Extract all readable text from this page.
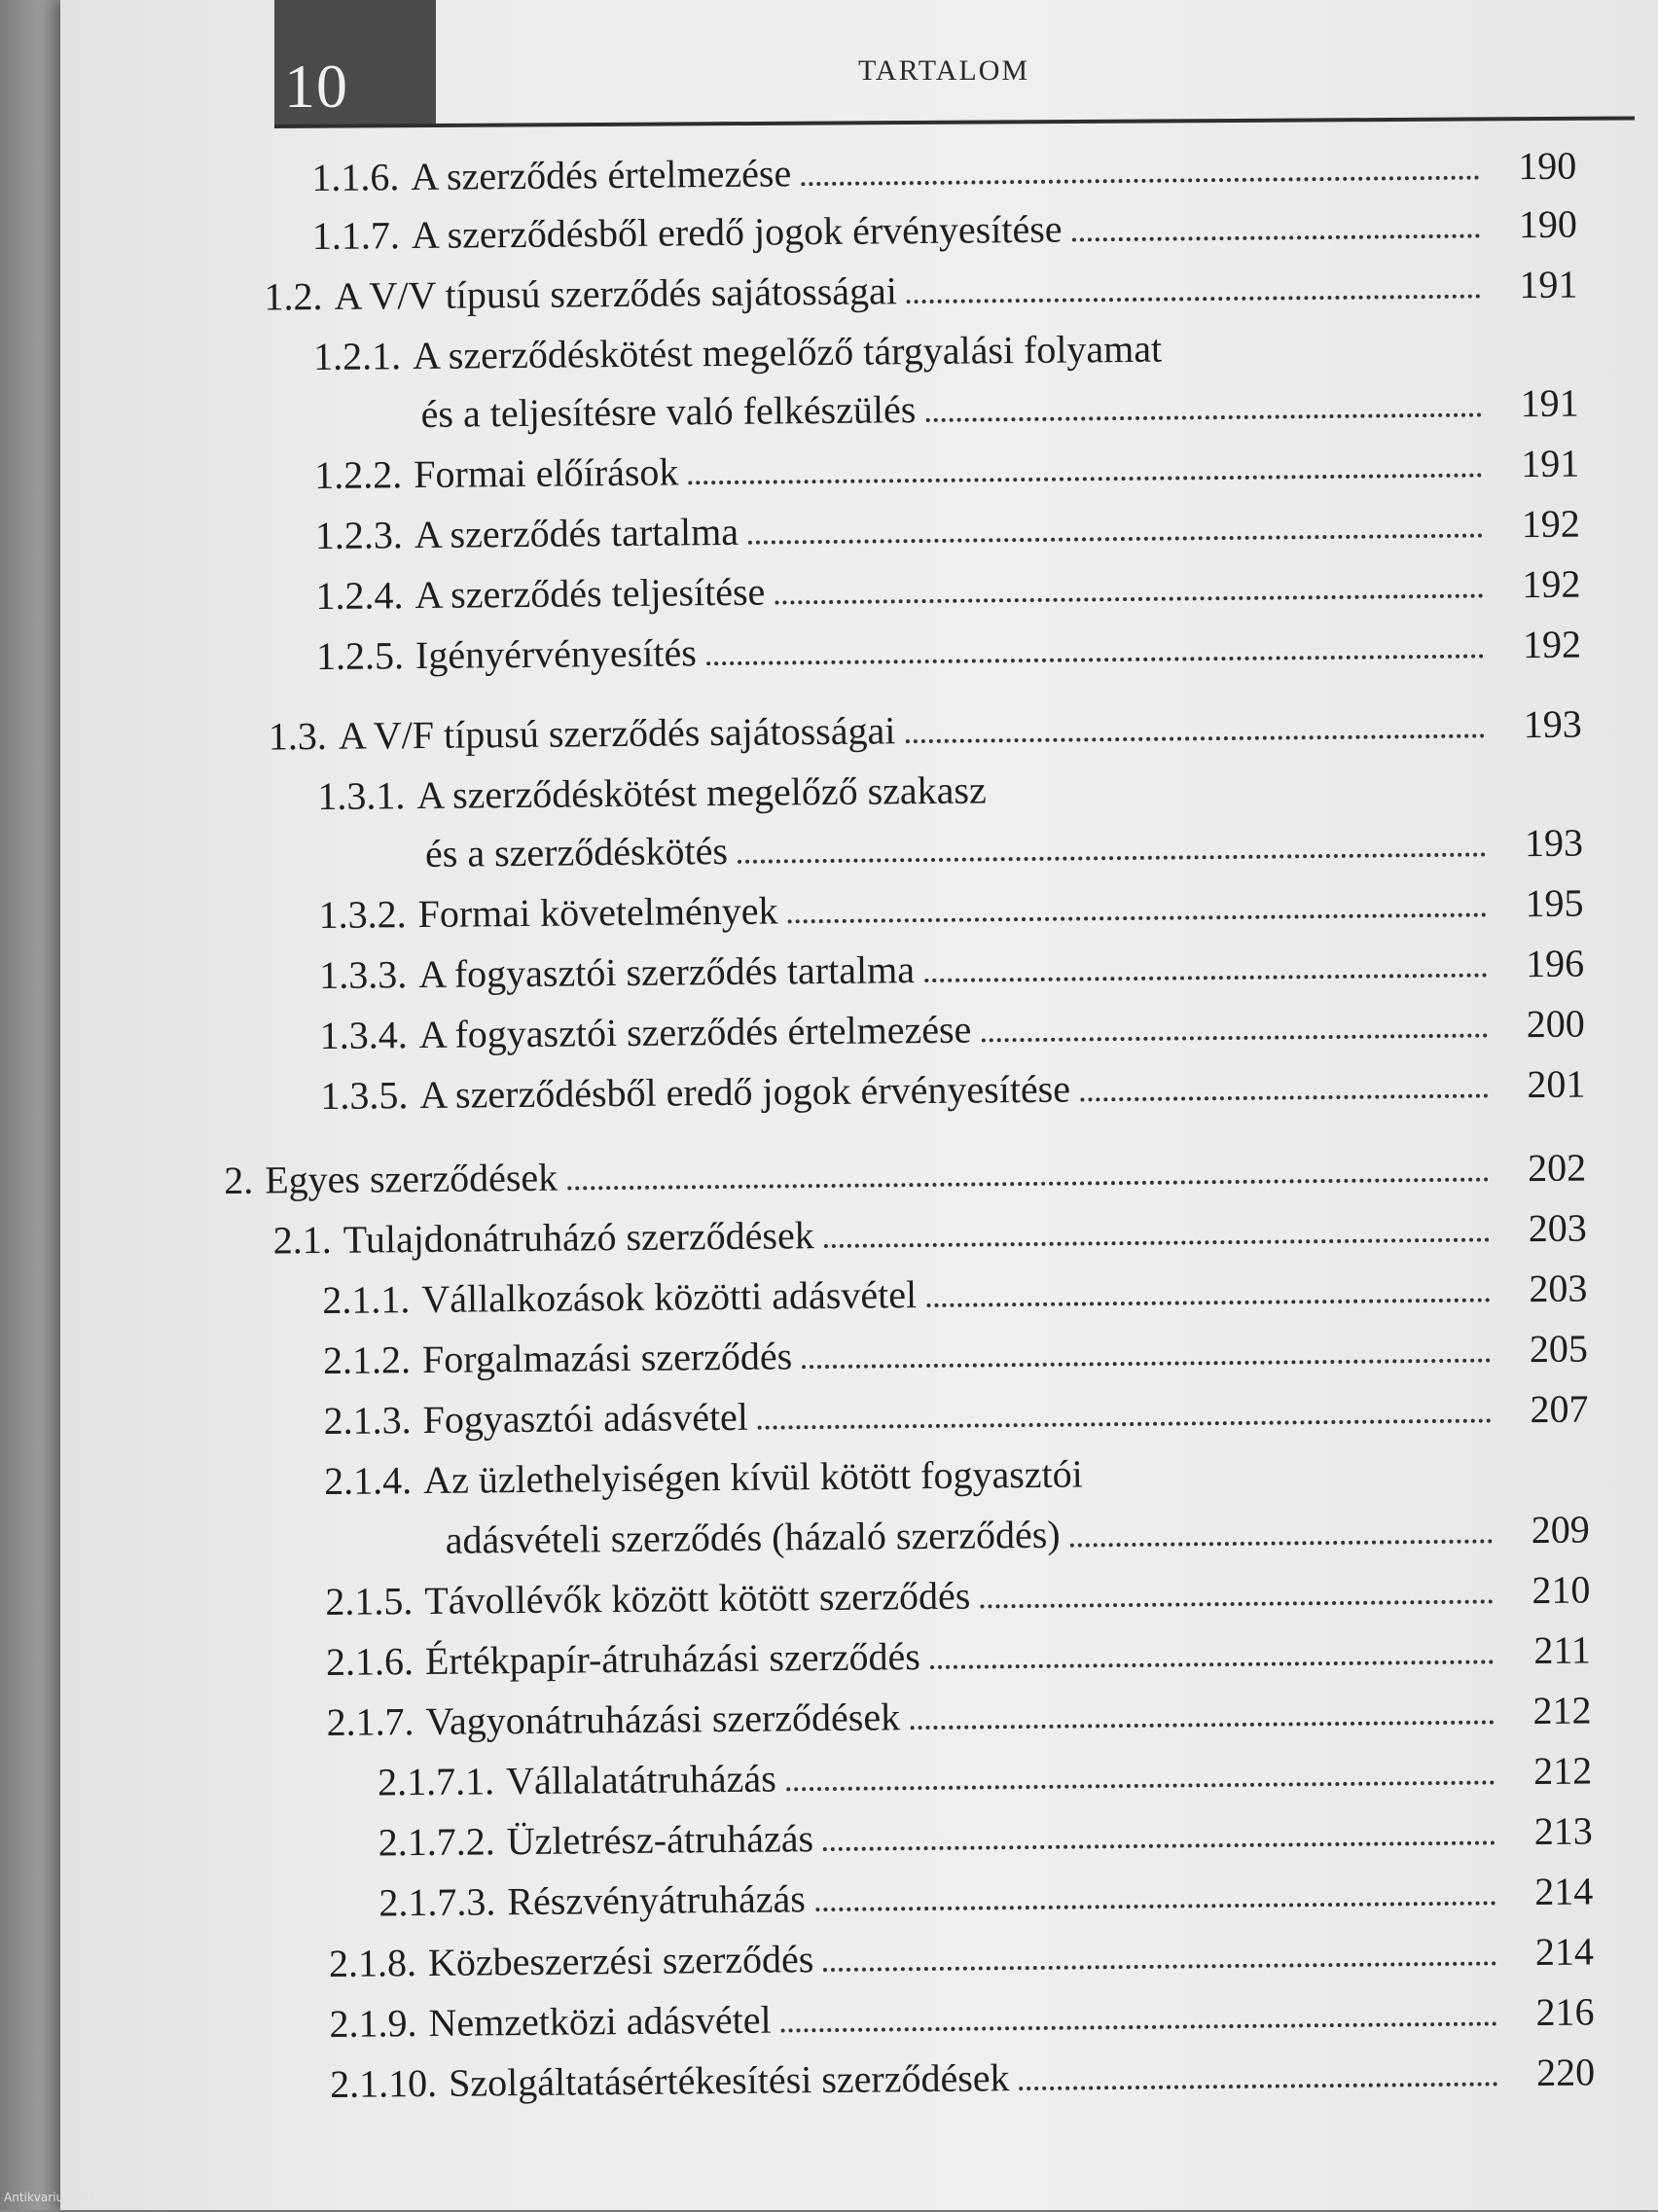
10	TARTALOM
1.1.6. A szerződés értelmezése	190
1.1.7. A szerződésből eredő jogok érvényesítése	190
1.2. A V/V típusú szerződés sajátosságai	191
1.2.1. A szerződéskötést megelőző tárgyalási folyamat
és a teljesítésre való felkészülés	191
1.2.2. Formai előírások	191
1.2.3. A szerződés tartalma	192
1.2.4. A szerződés teljesítése	192
1.2.5. Igényérvényesítés	192
1.3. A V/F típusú szerződés sajátosságai	193
1.3.1. A szerződéskötést megelőző szakasz
és a szerződéskötés	193
1.3.2. Formai követelmények	195
1.3.3. A fogyasztói szerződés tartalma	196
1.3.4. A fogyasztói szerződés értelmezése	200
1.3.5. A szerződésből eredő jogok érvényesítése	201
2. Egyes szerződések	202
2.1. Tulajdonátruházó szerződések	203
2.1.1. Vállalkozások közötti adásvétel	203
2.1.2. Forgalmazási szerződés	205
2.1.3. Fogyasztói adásvétel	207
2.1.4. Az üzlethelyiségen kívül kötött fogyasztói
adásvételi szerződés (házaló szerződés)	209
2.1.5. Távollévők között kötött szerződés	210
2.1.6. Értékpapír-átruházási szerződés	211
2.1.7. Vagyonátruházási szerződések	212
2.1.7.1. Vállalatátruházás	212
2.1.7.2. Üzletrész-átruházás	213
2.1.7.3. Részvényátruházás	214
2.1.8. Közbeszerzési szerződés	214
2.1.9. Nemzetközi adásvétel	216
2.1.10. Szolgáltatásértékesítési szerződések	220
Antikvarium.hu
